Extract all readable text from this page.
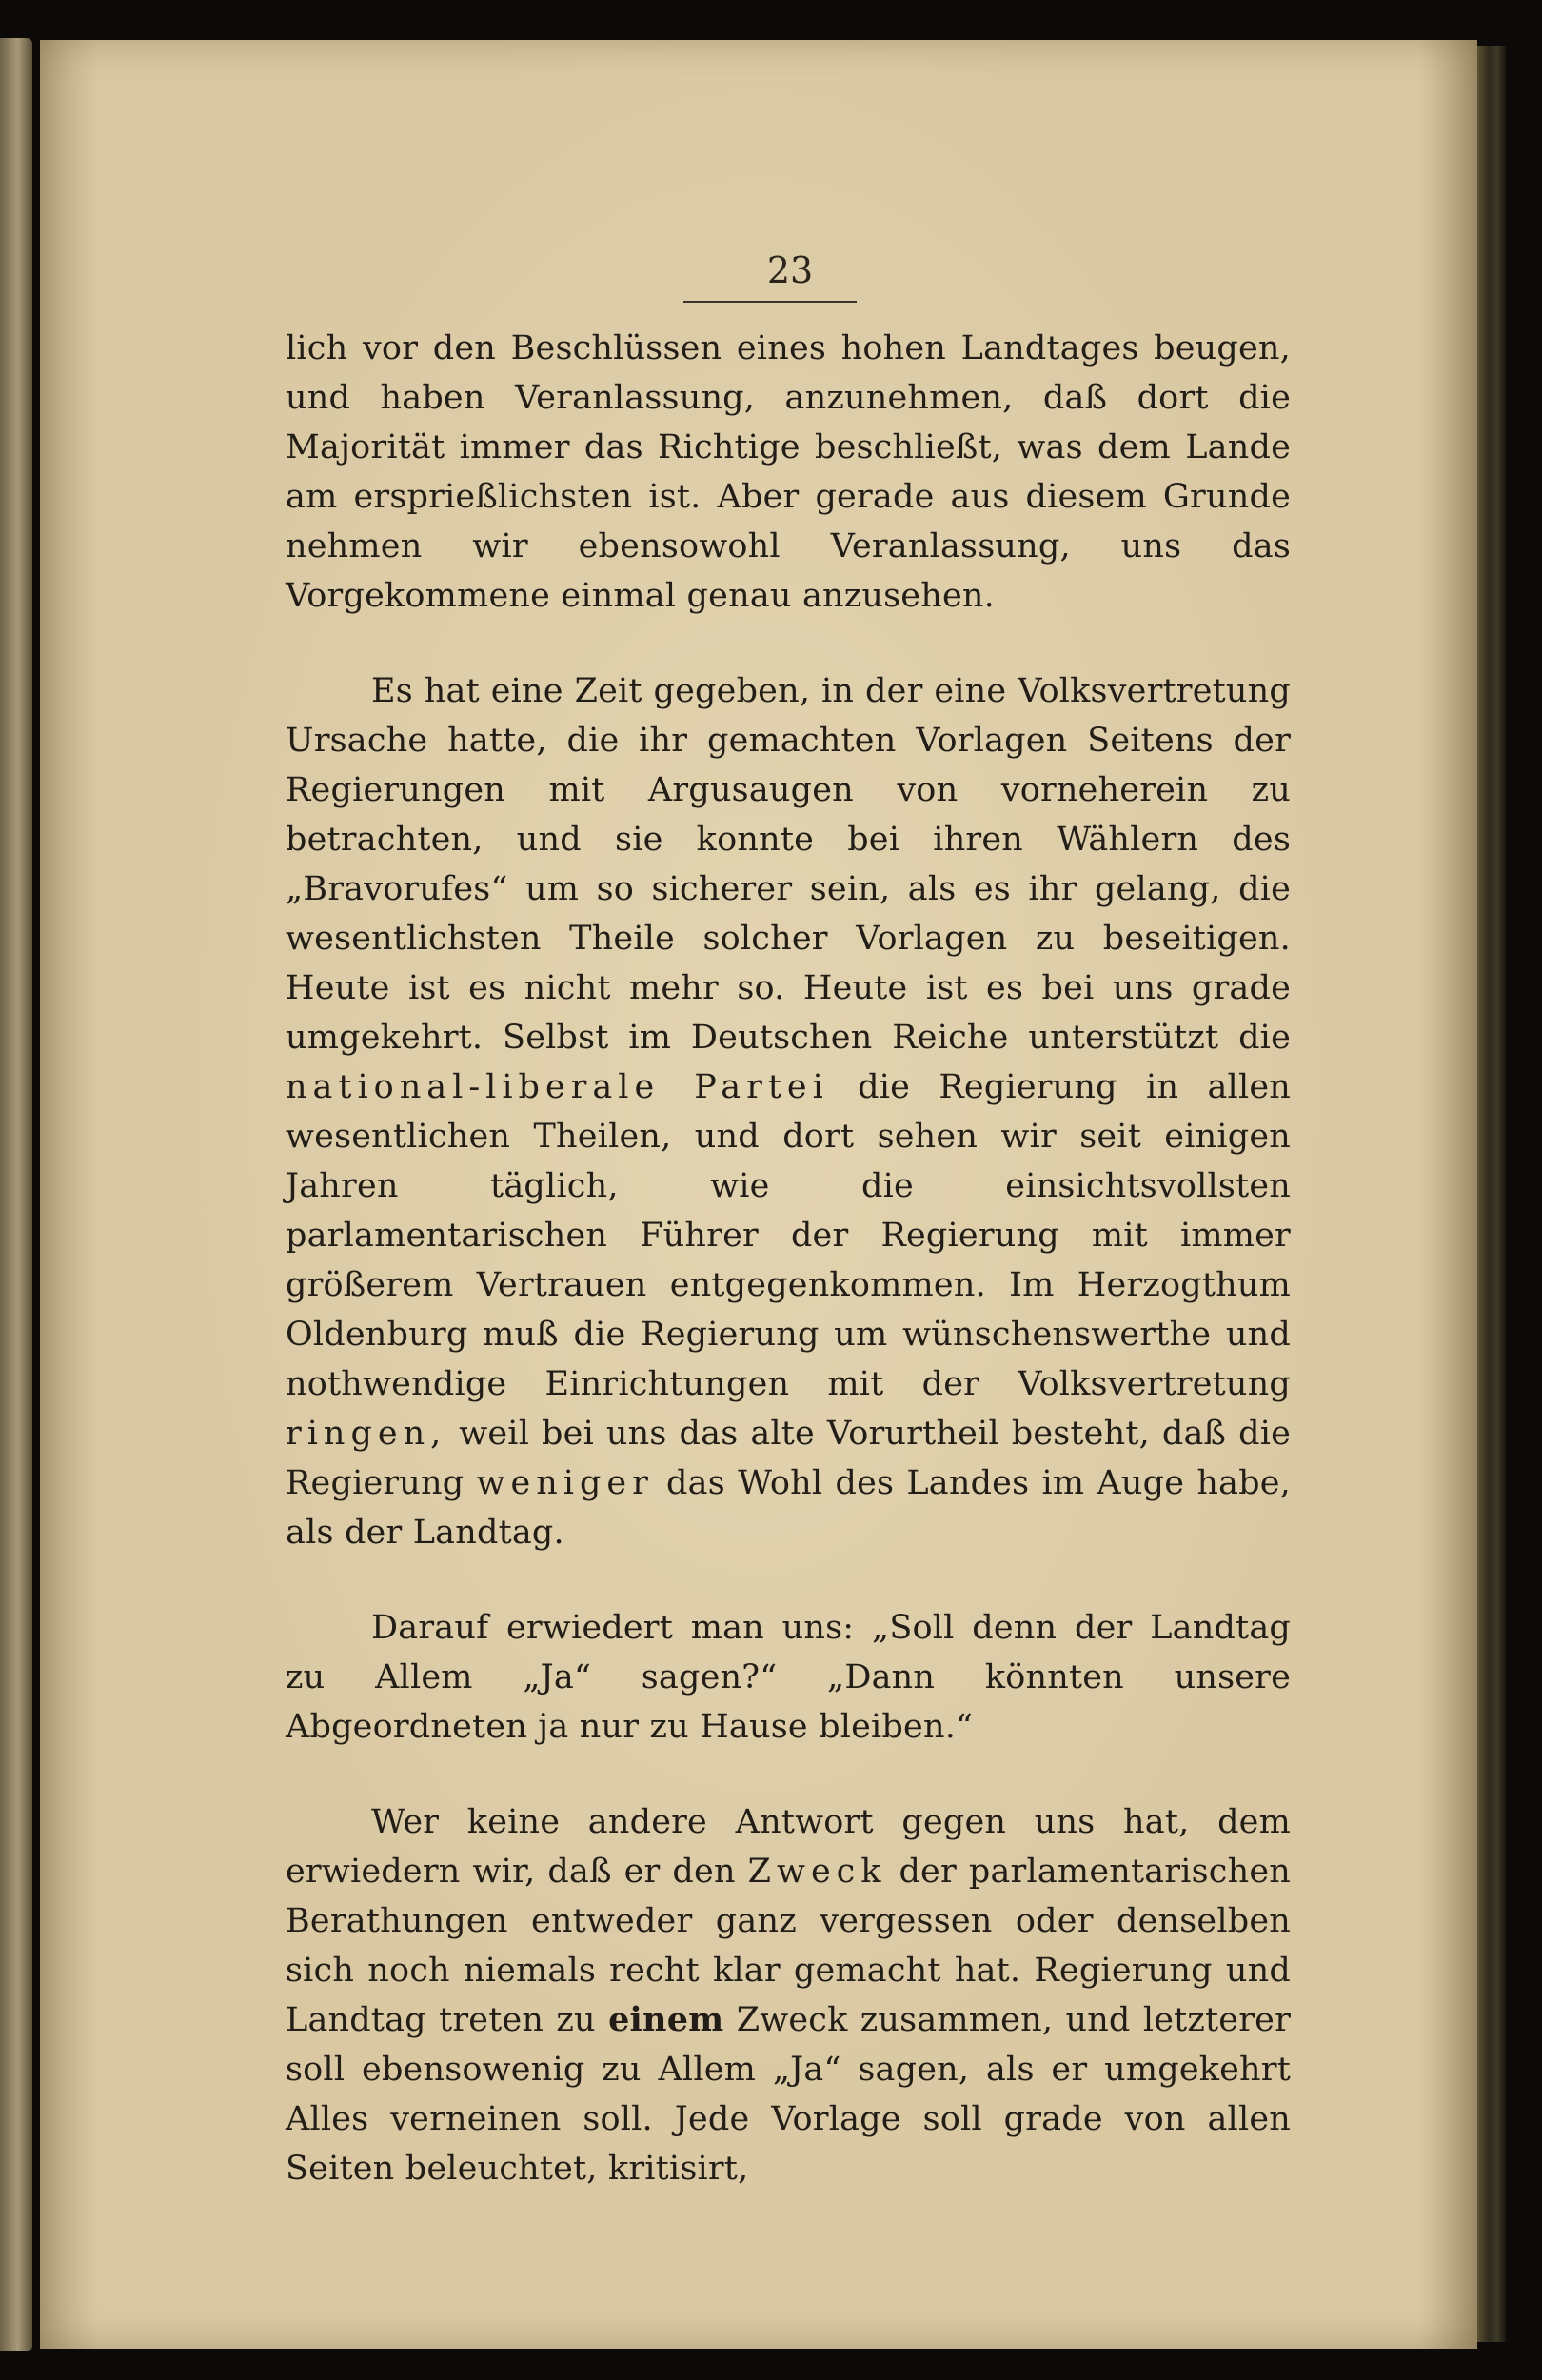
23

lich vor den Beschlüssen eines hohen Landtages beugen, und haben Veranlassung, anzunehmen, daß dort die Majorität immer das Richtige beschließt, was dem Lande am ersprießlichsten ist. Aber gerade aus diesem Grunde nehmen wir ebensowohl Veranlassung, uns das Vorgekommene einmal genau anzusehen.

Es hat eine Zeit gegeben, in der eine Volksvertretung Ursache hatte, die ihr gemachten Vorlagen Seitens der Regierungen mit Argusaugen von vorneherein zu betrachten, und sie konnte bei ihren Wählern des „Bravorufes“ um so sicherer sein, als es ihr gelang, die wesentlichsten Theile solcher Vorlagen zu beseitigen. Heute ist es nicht mehr so. Heute ist es bei uns grade umgekehrt. Selbst im Deutschen Reiche unterstützt die national-liberale Partei die Regierung in allen wesentlichen Theilen, und dort sehen wir seit einigen Jahren täglich, wie die einsichtsvollsten parlamentarischen Führer der Regierung mit immer größerem Vertrauen entgegenkommen. Im Herzogthum Oldenburg muß die Regierung um wünschenswerthe und nothwendige Einrichtungen mit der Volksvertretung ringen, weil bei uns das alte Vorurtheil besteht, daß die Regierung weniger das Wohl des Landes im Auge habe, als der Landtag.

Darauf erwiedert man uns: „Soll denn der Landtag zu Allem „Ja“ sagen?“ „Dann könnten unsere Abgeordneten ja nur zu Hause bleiben.“

Wer keine andere Antwort gegen uns hat, dem erwiedern wir, daß er den Zweck der parlamentarischen Berathungen entweder ganz vergessen oder denselben sich noch niemals recht klar gemacht hat. Regierung und Landtag treten zu einem Zweck zusammen, und letzterer soll ebensowenig zu Allem „Ja“ sagen, als er umgekehrt Alles verneinen soll. Jede Vorlage soll grade von allen Seiten beleuchtet, kritisirt,
